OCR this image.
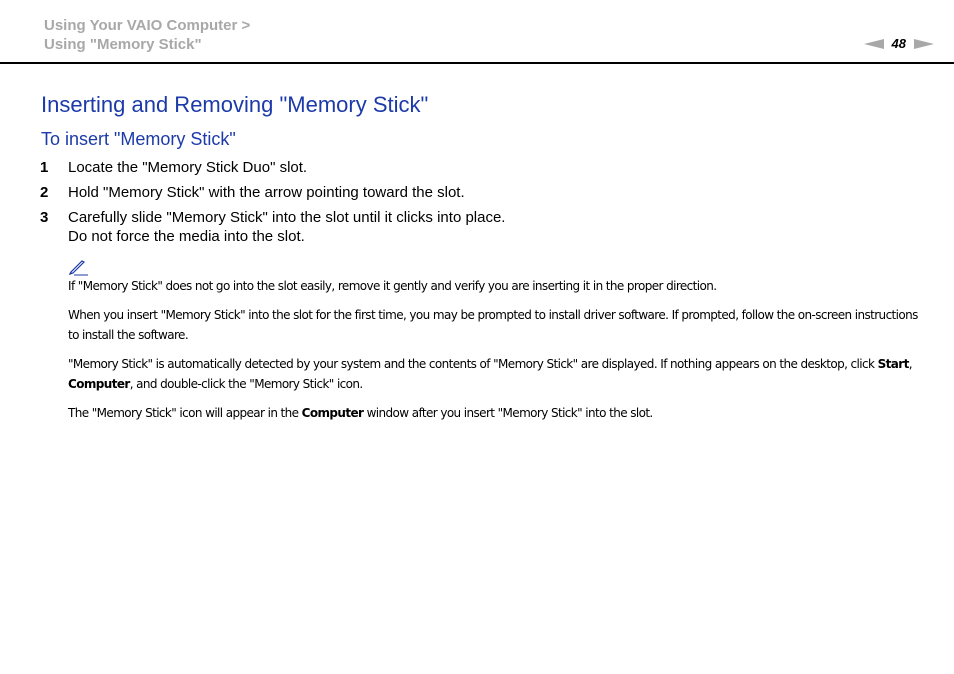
Using Your VAIO Computer >
Using "Memory Stick"	48
Inserting and Removing "Memory Stick"
To insert "Memory Stick"
1	Locate the "Memory Stick Duo" slot.
2	Hold "Memory Stick" with the arrow pointing toward the slot.
3	Carefully slide "Memory Stick" into the slot until it clicks into place.
Do not force the media into the slot.

If "Memory Stick" does not go into the slot easily, remove it gently and verify you are inserting it in the proper direction.

When you insert "Memory Stick" into the slot for the first time, you may be prompted to install driver software. If prompted, follow the on-screen instructions to install the software.

"Memory Stick" is automatically detected by your system and the contents of "Memory Stick" are displayed. If nothing appears on the desktop, click Start, Computer, and double-click the "Memory Stick" icon.

The "Memory Stick" icon will appear in the Computer window after you insert "Memory Stick" into the slot.
